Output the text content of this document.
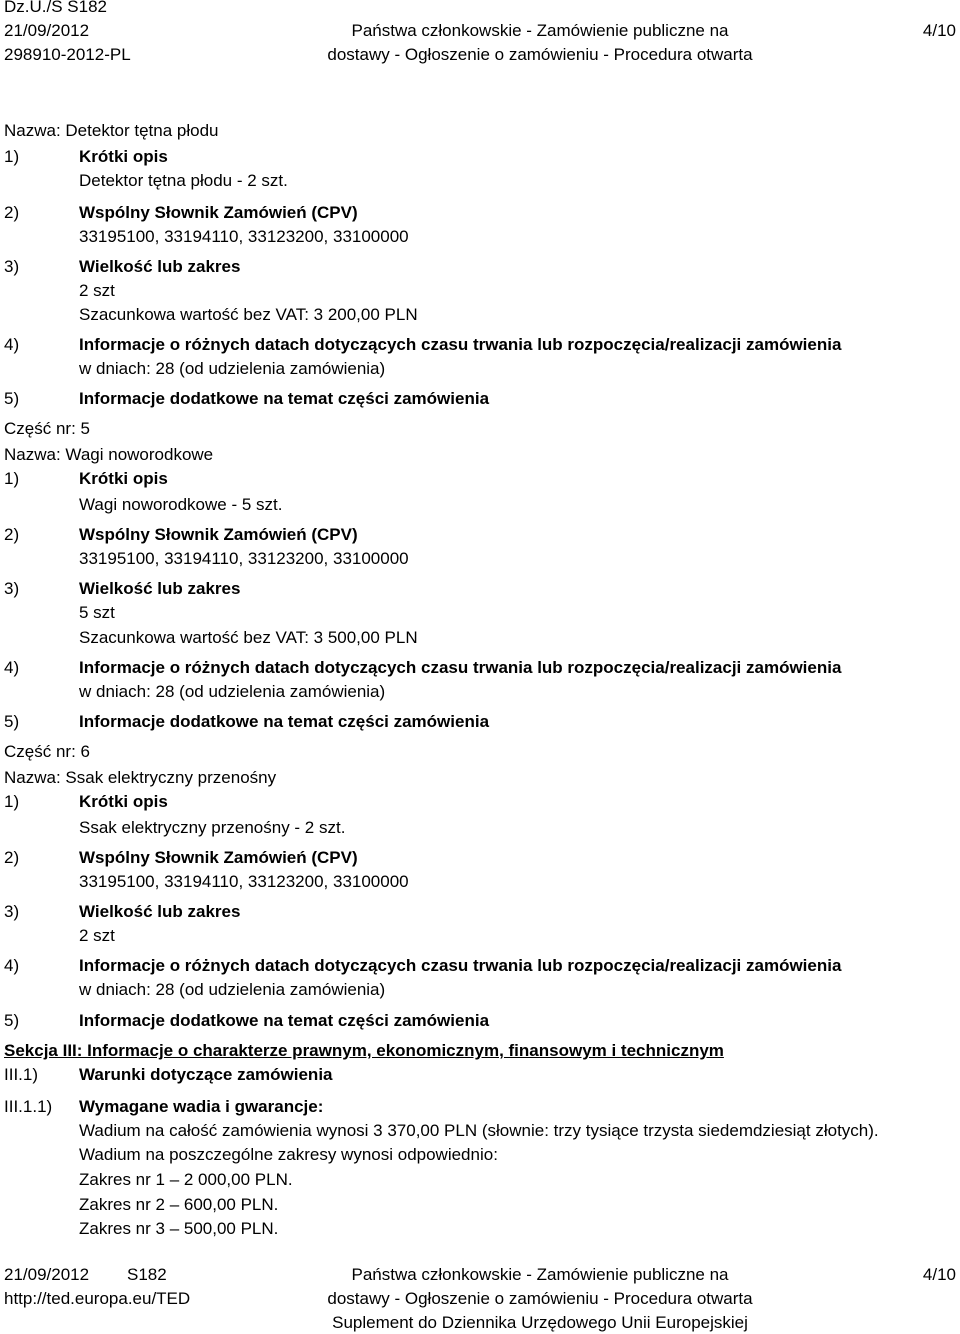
Dz.U./S S182
21/09/2012
298910-2012-PL
Państwa członkowskie - Zamówienie publiczne na
dostawy - Ogłoszenie o zamówieniu - Procedura otwarta
4/10
Nazwa: Detektor tętna płodu
1)	Krótki opis
Detektor tętna płodu - 2 szt.
2)	Wspólny Słownik Zamówień (CPV)
33195100, 33194110, 33123200, 33100000
3)	Wielkość lub zakres
2 szt
Szacunkowa wartość bez VAT: 3 200,00 PLN
4)	Informacje o różnych datach dotyczących czasu trwania lub rozpoczęcia/realizacji zamówienia
w dniach: 28 (od udzielenia zamówienia)
5)	Informacje dodatkowe na temat części zamówienia
Część nr: 5
Nazwa: Wagi noworodkowe
1)	Krótki opis
Wagi noworodkowe - 5 szt.
2)	Wspólny Słownik Zamówień (CPV)
33195100, 33194110, 33123200, 33100000
3)	Wielkość lub zakres
5 szt
Szacunkowa wartość bez VAT: 3 500,00 PLN
4)	Informacje o różnych datach dotyczących czasu trwania lub rozpoczęcia/realizacji zamówienia
w dniach: 28 (od udzielenia zamówienia)
5)	Informacje dodatkowe na temat części zamówienia
Część nr: 6
Nazwa: Ssak elektryczny przenośny
1)	Krótki opis
Ssak elektryczny przenośny - 2 szt.
2)	Wspólny Słownik Zamówień (CPV)
33195100, 33194110, 33123200, 33100000
3)	Wielkość lub zakres
2 szt
4)	Informacje o różnych datach dotyczących czasu trwania lub rozpoczęcia/realizacji zamówienia
w dniach: 28 (od udzielenia zamówienia)
5)	Informacje dodatkowe na temat części zamówienia
Sekcja III: Informacje o charakterze prawnym, ekonomicznym, finansowym i technicznym
III.1) Warunki dotyczące zamówienia
III.1.1) Wymagane wadia i gwarancje:
Wadium na całość zamówienia wynosi 3 370,00 PLN (słownie: trzy tysiące trzysta siedemdziesiąt złotych).
Wadium na poszczególne zakresy wynosi odpowiednio:
Zakres nr 1 – 2 000,00 PLN.
Zakres nr 2 – 600,00 PLN.
Zakres nr 3 – 500,00 PLN.
21/09/2012 S182
http://ted.europa.eu/TED
Państwa członkowskie - Zamówienie publiczne na
dostawy - Ogłoszenie o zamówieniu - Procedura otwarta
Suplement do Dziennika Urzędowego Unii Europejskiej
4/10
